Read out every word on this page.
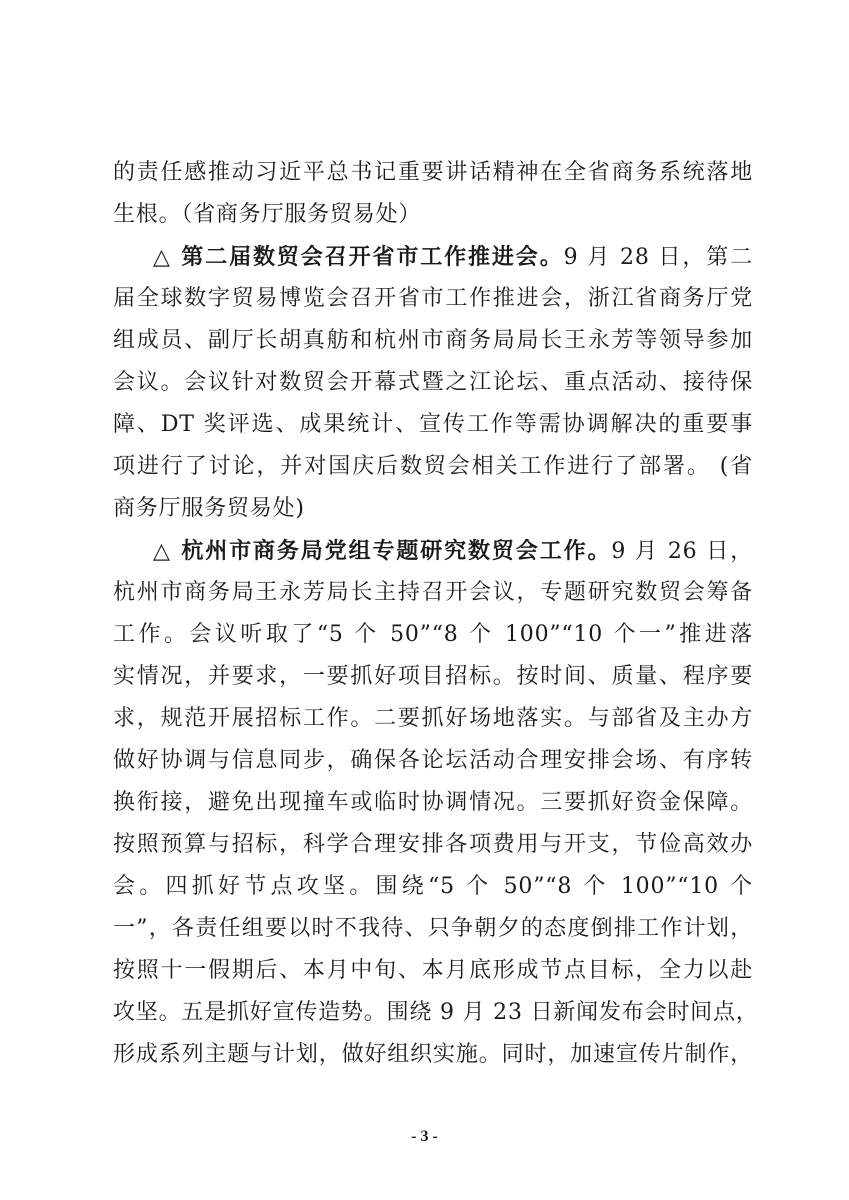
的责任感推动习近平总书记重要讲话精神在全省商务系统落地
生根。（省商务厅服务贸易处）
△ 第二届数贸会召开省市工作推进会。9 月 28 日，第二
届全球数字贸易博览会召开省市工作推进会，浙江省商务厅党
组成员、副厅长胡真舫和杭州市商务局局长王永芳等领导参加
会议。会议针对数贸会开幕式暨之江论坛、重点活动、接待保
障、DT 奖评选、成果统计、宣传工作等需协调解决的重要事
项进行了讨论，并对国庆后数贸会相关工作进行了部署。 (省
商务厅服务贸易处)
△ 杭州市商务局党组专题研究数贸会工作。9 月 26 日，
杭州市商务局王永芳局长主持召开会议，专题研究数贸会筹备
工作。会议听取了“5 个 50”“8 个 100”“10 个一”推进落
实情况，并要求，一要抓好项目招标。按时间、质量、程序要
求，规范开展招标工作。二要抓好场地落实。与部省及主办方
做好协调与信息同步，确保各论坛活动合理安排会场、有序转
换衔接，避免出现撞车或临时协调情况。三要抓好资金保障。
按照预算与招标，科学合理安排各项费用与开支，节俭高效办
会。四抓好节点攻坚。围绕“5 个 50”“8 个 100”“10 个
一”，各责任组要以时不我待、只争朝夕的态度倒排工作计划，
按照十一假期后、本月中旬、本月底形成节点目标，全力以赴
攻坚。五是抓好宣传造势。围绕 9 月 23 日新闻发布会时间点，
形成系列主题与计划，做好组织实施。同时，加速宣传片制作，
- 3 -
